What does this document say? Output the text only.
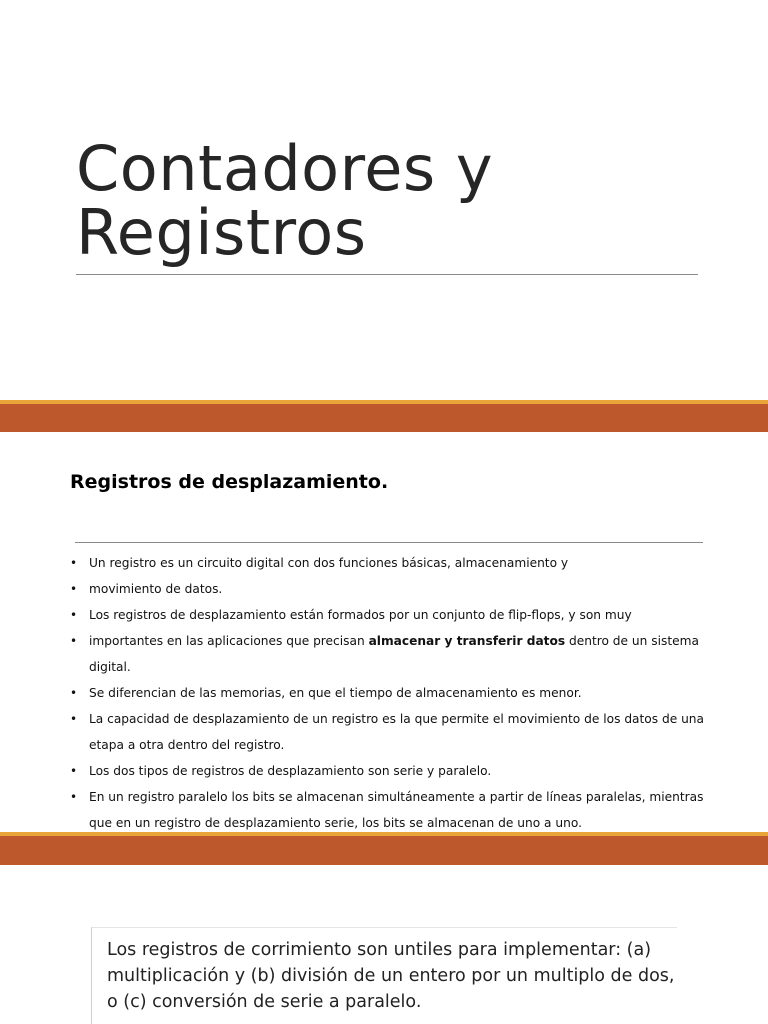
Contadores y
Registros
Registros de desplazamiento.
• Un registro es un circuito digital con dos funciones básicas, almacenamiento y
• movimiento de datos.
• Los registros de desplazamiento están formados por un conjunto de flip-flops, y son muy
• importantes en las aplicaciones que precisan almacenar y transferir datos dentro de un sistema
digital.
• Se diferencian de las memorias, en que el tiempo de almacenamiento es menor.
• La capacidad de desplazamiento de un registro es la que permite el movimiento de los datos de una
etapa a otra dentro del registro.
• Los dos tipos de registros de desplazamiento son serie y paralelo.
• En un registro paralelo los bits se almacenan simultáneamente a partir de líneas paralelas, mientras
que en un registro de desplazamiento serie, los bits se almacenan de uno a uno.

Los registros de corrimiento son untiles para implementar: (a)
multiplicación y (b) división de un entero por un multiplo de dos,
o (c) conversión de serie a paralelo.
